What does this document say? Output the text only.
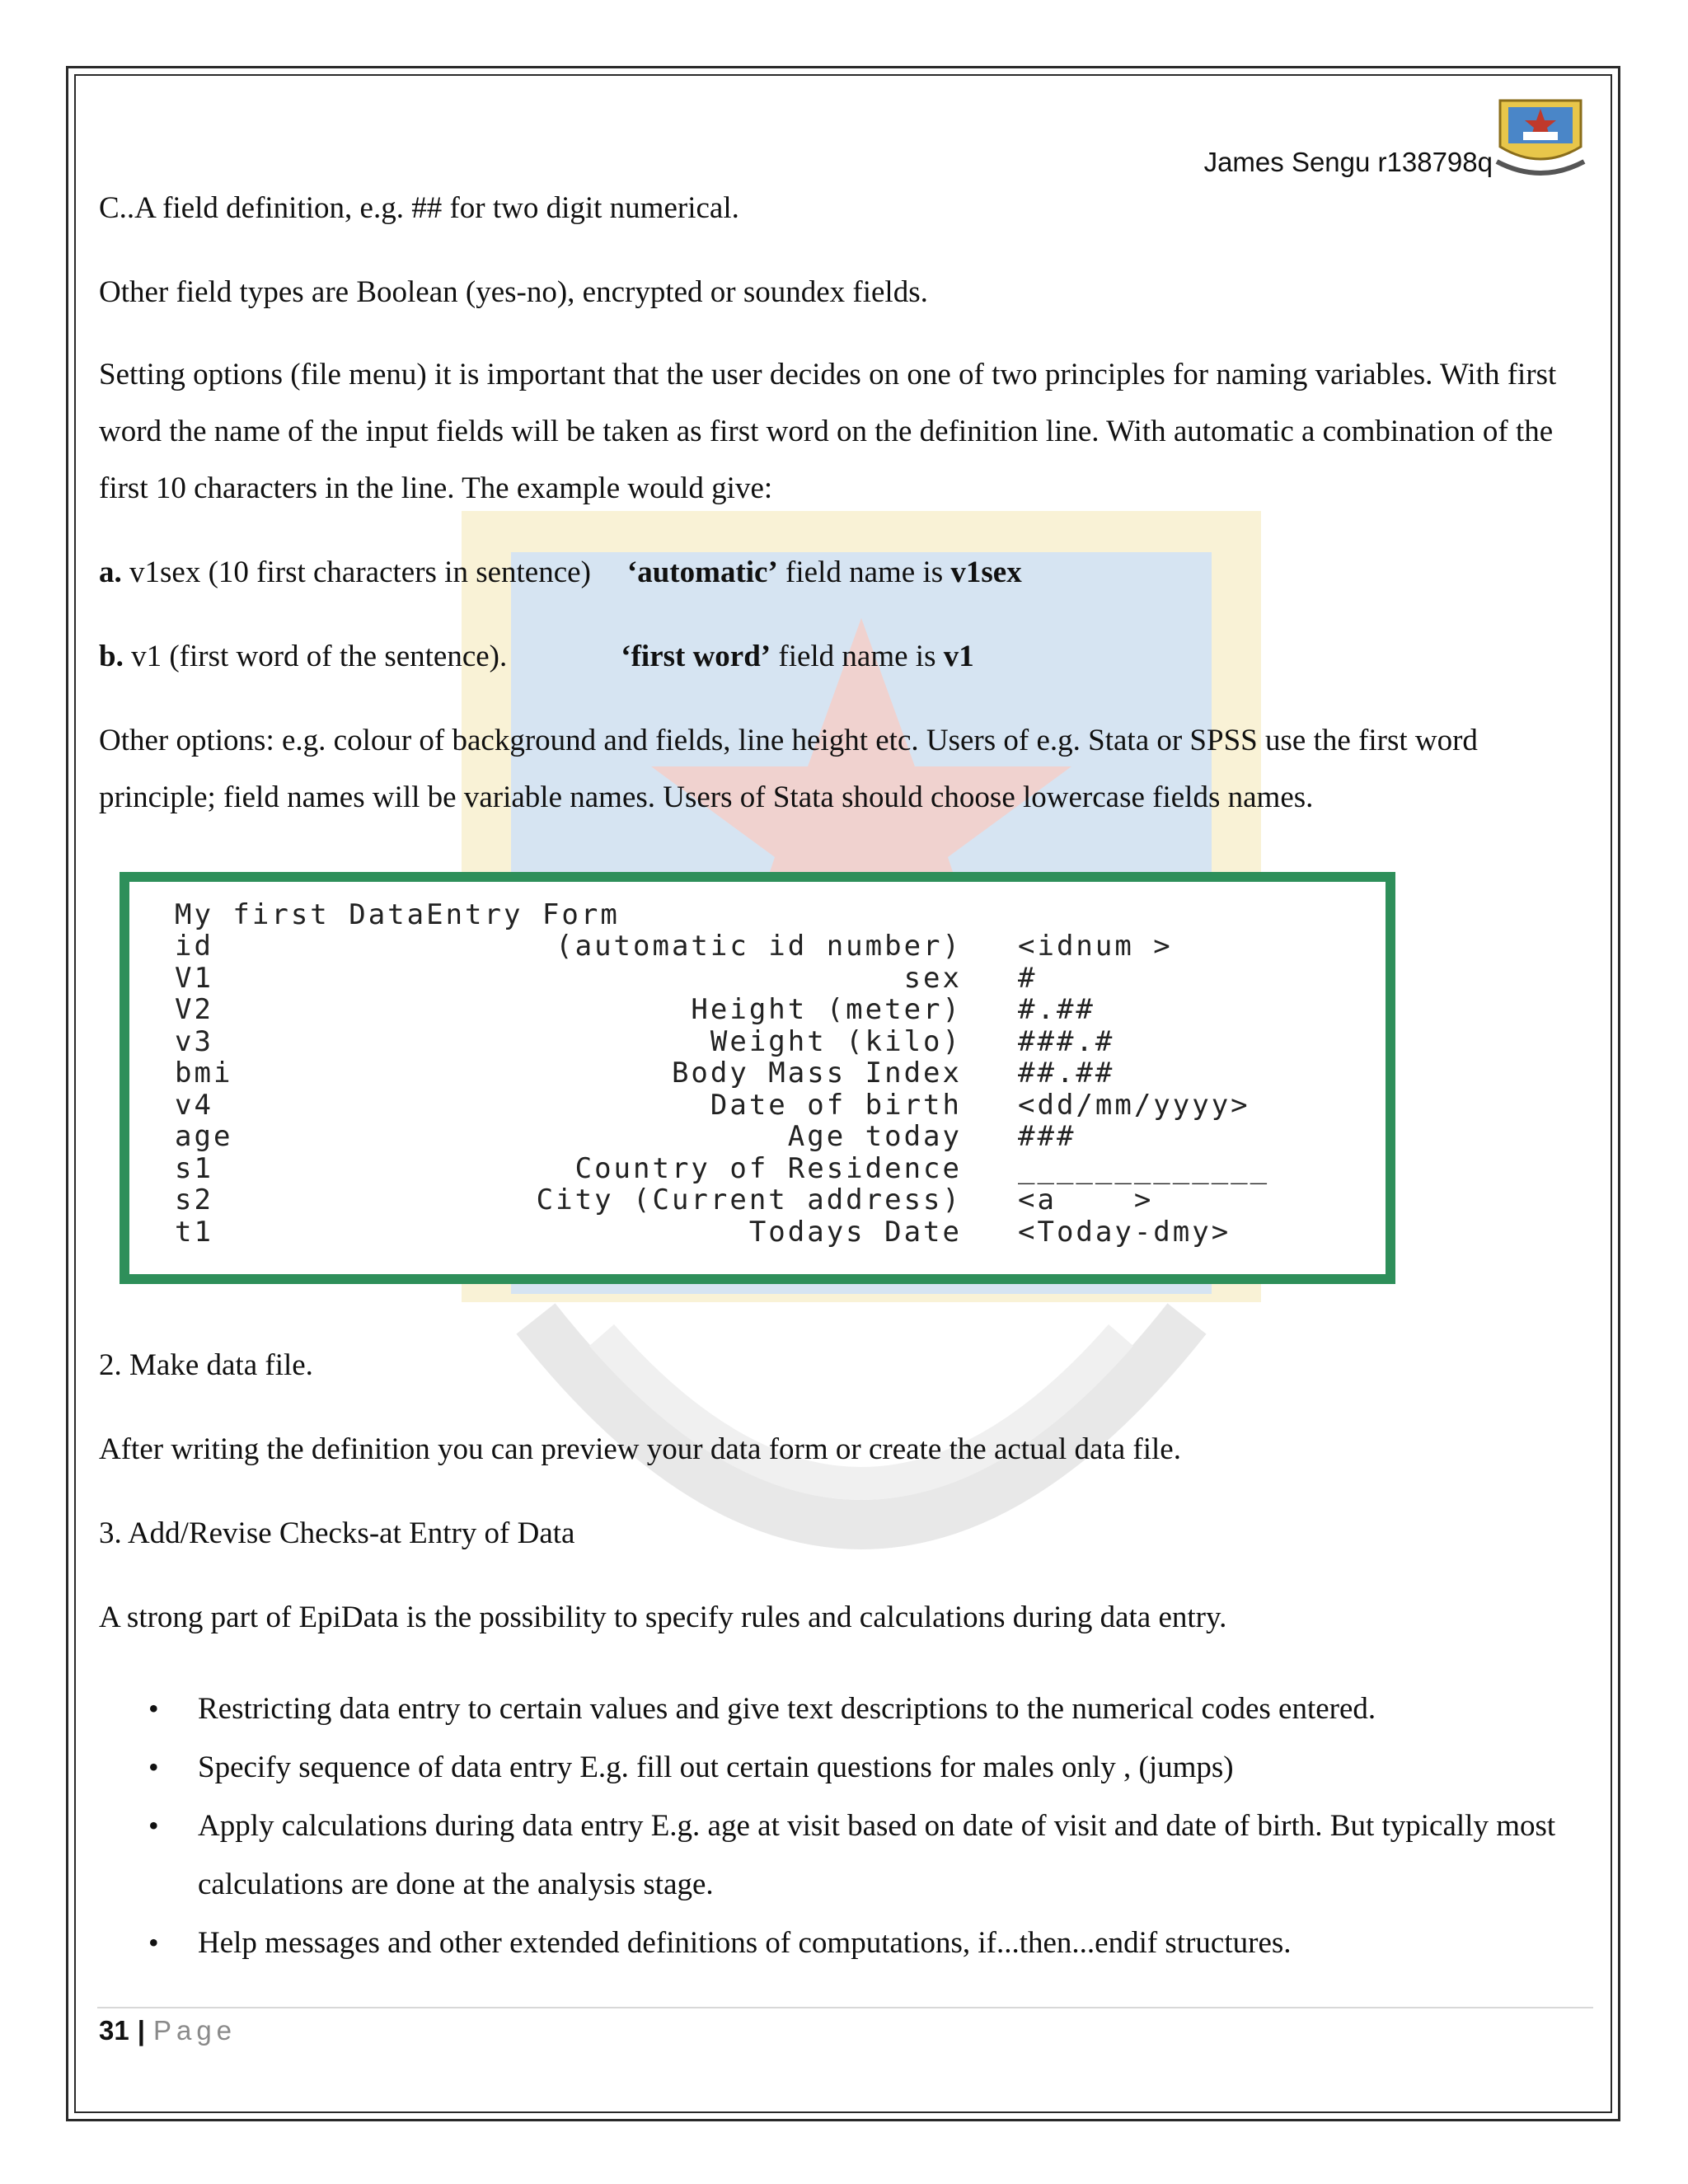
James Sengu r138798q

C..A field definition, e.g. ## for two digit numerical.

Other field types are Boolean (yes-no), encrypted or soundex fields.

Setting options (file menu) it is important that the user decides on one of two principles for naming variables. With first word the name of the input fields will be taken as first word on the definition line. With automatic a combination of the first 10 characters in the line. The example would give:

a. v1sex (10 first characters in sentence) ‘automatic’ field name is v1sex

b. v1 (first word of the sentence).	‘first word’ field name is v1

Other options: e.g. colour of background and fields, line height etc. Users of e.g. Stata or SPSS use the first word principle; field names will be variable names. Users of Stata should choose lowercase fields names.

My first DataEntry Form
id	(automatic id number) <idnum >
V1	sex #
V2	Height (meter) #.##
v3	Weight (kilo) ###.#
bmi	Body Mass Index ##.##
v4	Date of birth <dd/mm/yyyy>
age	Age today ###
s1	Country of Residence _____________
s2	City (Current address) <a    >
t1	Todays Date <Today-dmy>

2. Make data file.

After writing the definition you can preview your data form or create the actual data file.

3. Add/Revise Checks-at Entry of Data

A strong part of EpiData is the possibility to specify rules and calculations during data entry.

• Restricting data entry to certain values and give text descriptions to the numerical codes entered.
• Specify sequence of data entry E.g. fill out certain questions for males only , (jumps)
• Apply calculations during data entry E.g. age at visit based on date of visit and date of birth. But typically most calculations are done at the analysis stage.
• Help messages and other extended definitions of computations, if...then...endif structures.
31 | Page
